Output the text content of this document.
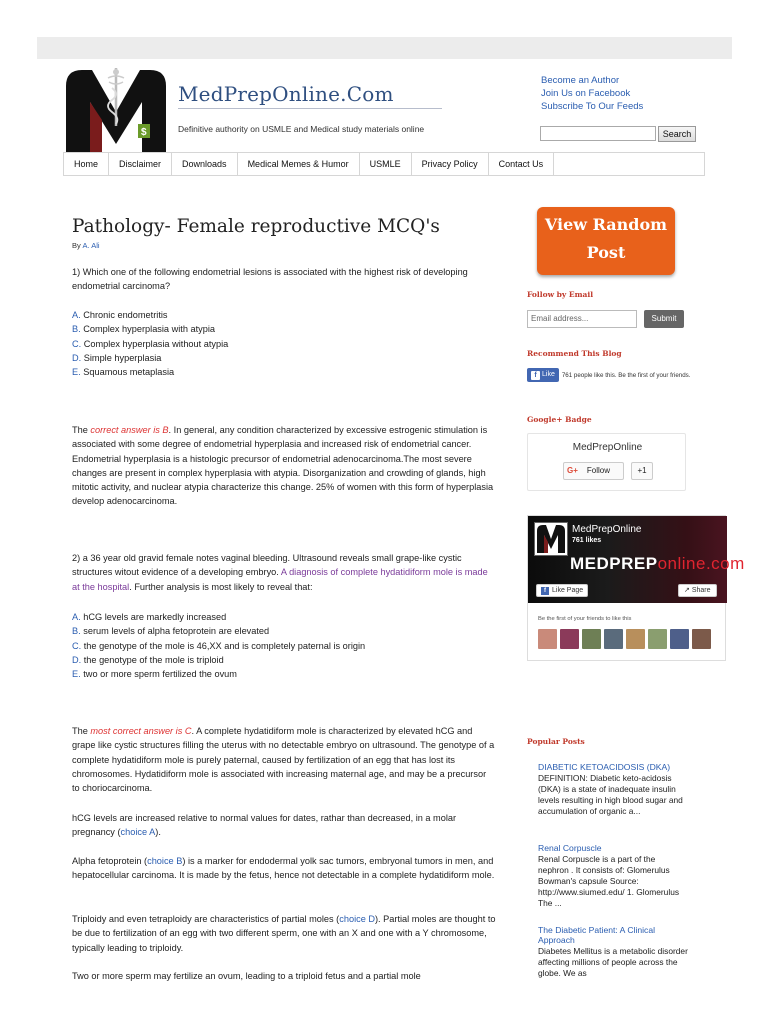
$
MedPrepOnline.Com
Definitive authority on USMLE and Medical study materials online
Become an Author
Join Us on Facebook
Subscribe To Our Feeds
Search
Home	Disclaimer	Downloads	Medical Memes & Humor	USMLE	Privacy Policy	Contact Us
Pathology- Female reproductive MCQ's
By A. Ali
1) Which one of the following endometrial lesions is associated with the highest risk of developing endometrial carcinoma?
A. Chronic endometritis
B. Complex hyperplasia with atypia
C. Complex hyperplasia without atypia
D. Simple hyperplasia
E. Squamous metaplasia
The correct answer is B. In general, any condition characterized by excessive estrogenic stimulation is associated with some degree of endometrial hyperplasia and increased risk of endometrial cancer. Endometrial hyperplasia is a histologic precursor of endometrial adenocarcinoma.The most severe changes are present in complex hyperplasia with atypia. Disorganization and crowding of glands, high mitotic activity, and nuclear atypia characterize this change. 25% of women with this form of hyperplasia develop adenocarcinoma.
2) a 36 year old gravid female notes vaginal bleeding. Ultrasound reveals small grape-like cystic structures witout evidence of a developing embryo. A diagnosis of complete hydatidiform mole is made at the hospital. Further analysis is most likely to reveal that:
A. hCG levels are markedly increased
B. serum levels of alpha fetoprotein are elevated
C. the genotype of the mole is 46,XX and is completely paternal is origin
D. the genotype of the mole is triploid
E. two or more sperm fertilized the ovum
The most correct answer is C. A complete hydatidiform mole is characterized by elevated hCG and grape like cystic structures filling the uterus with no detectable embryo on ultrasound. The genotype of a complete hydatidiform mole is purely paternal, caused by fertilization of an egg that has lost its chromosomes. Hydatidiform mole is associated with increasing maternal age, and may be a precursor to choriocarcinoma.
hCG levels are increased relative to normal values for dates, rathar than decreased, in a molar pregnancy (choice A).
Alpha fetoprotein (choice B) is a marker for endodermal yolk sac tumors, embryonal tumors in men, and hepatocellular carcinoma. It is made by the fetus, hence not detectable in a complete hydatidiform mole.
Triploidy and even tetraploidy are characteristics of partial moles (choice D). Partial moles are thought to be due to fertilization of an egg with two different sperm, one with an X and one with a Y chromosome, typically leading to triploidy.
Two or more sperm may fertilize an ovum, leading to a triploid fetus and a partial mole
View Random Post
Follow by Email
Email address...	Submit
Recommend This Blog
f Like 761 people like this. Be the first of your friends.
Google+ Badge
MedPrepOnline
G+ Follow	+1
MedPrepOnline
761 likes
MEDPREPonline.com
f Like Page	↗ Share
Be the first of your friends to like this
Popular Posts
DIABETIC KETOACIDOSIS (DKA)
DEFINITION: Diabetic keto-acidosis (DKA) is a state of inadequate insulin levels resulting in high blood sugar and accumulation of organic a...
Renal Corpuscle
Renal Corpuscle is a part of the nephron . It consists of: Glomerulus Bowman's capsule Source: http://www.siumed.edu/ 1. Glomerulus The ...
The Diabetic Patient: A Clinical Approach
Diabetes Mellitus is a metabolic disorder affecting millions of people across the globe. We as
